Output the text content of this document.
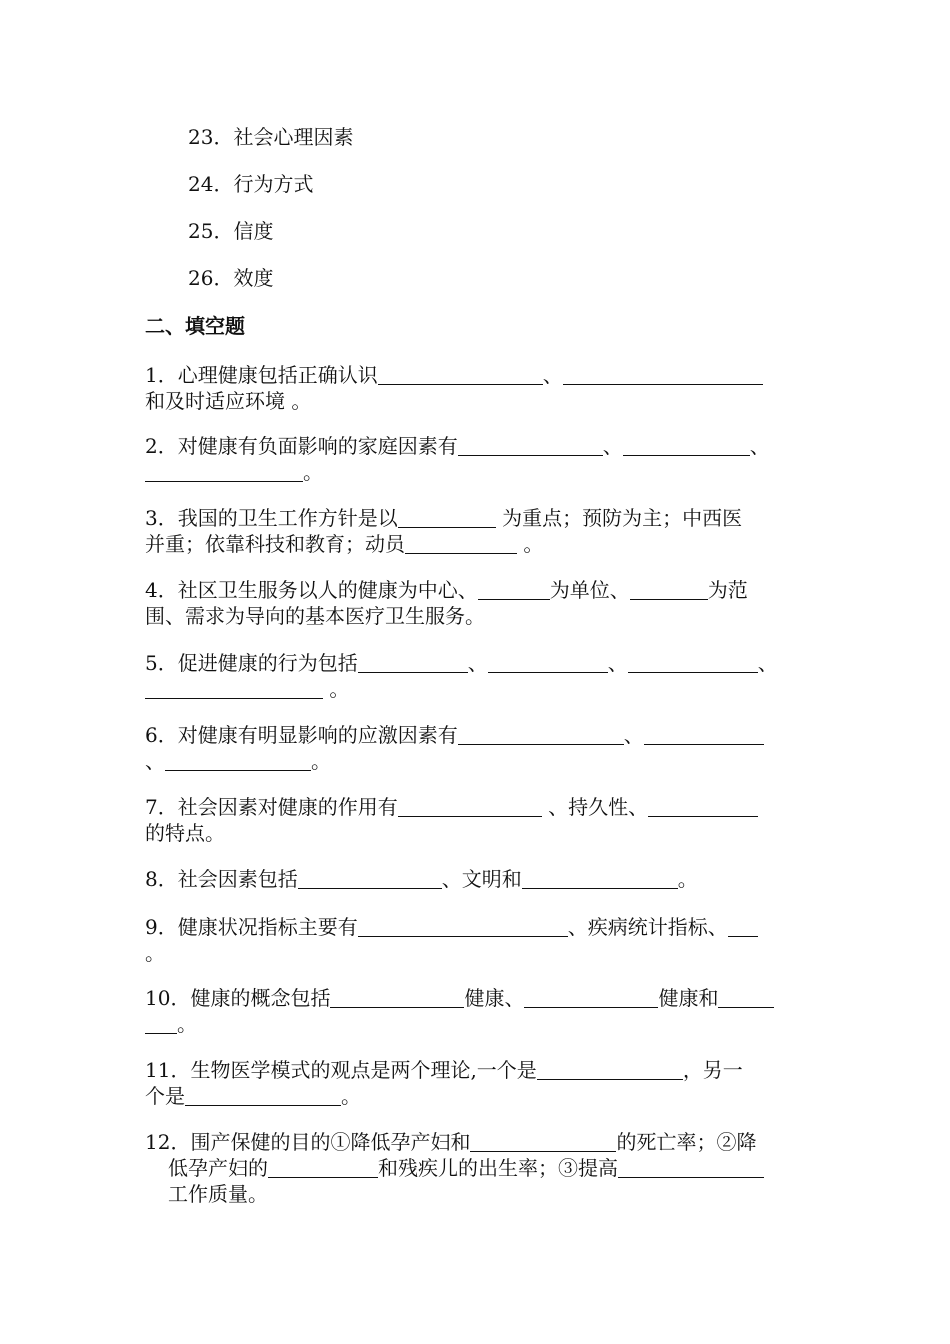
23．社会心理因素
24．行为方式
25．信度
26．效度
二、填空题
1．心理健康包括正确认识	、
和及时适应环境 。
2．对健康有负面影响的家庭因素有	、	、
。
3．我国的卫生工作方针是以	为重点；预防为主；中西医
并重；依靠科技和教育；动员	。
4．社区卫生服务以人的健康为中心、	为单位、	为范
围、需求为导向的基本医疗卫生服务。
5．促进健康的行为包括	、	、	、
。
6．对健康有明显影响的应激因素有	、
、	。
7．社会因素对健康的作用有	、持久性、
的特点。
8．社会因素包括	、文明和	。
9．健康状况指标主要有	、疾病统计指标、
。
10．健康的概念包括	健康、	健康和
。
11．生物医学模式的观点是两个理论,一个是	，另一
个是	。
12．围产保健的目的①降低孕产妇和	的死亡率；②降
低孕产妇的	和残疾儿的出生率；③提高
工作质量。
